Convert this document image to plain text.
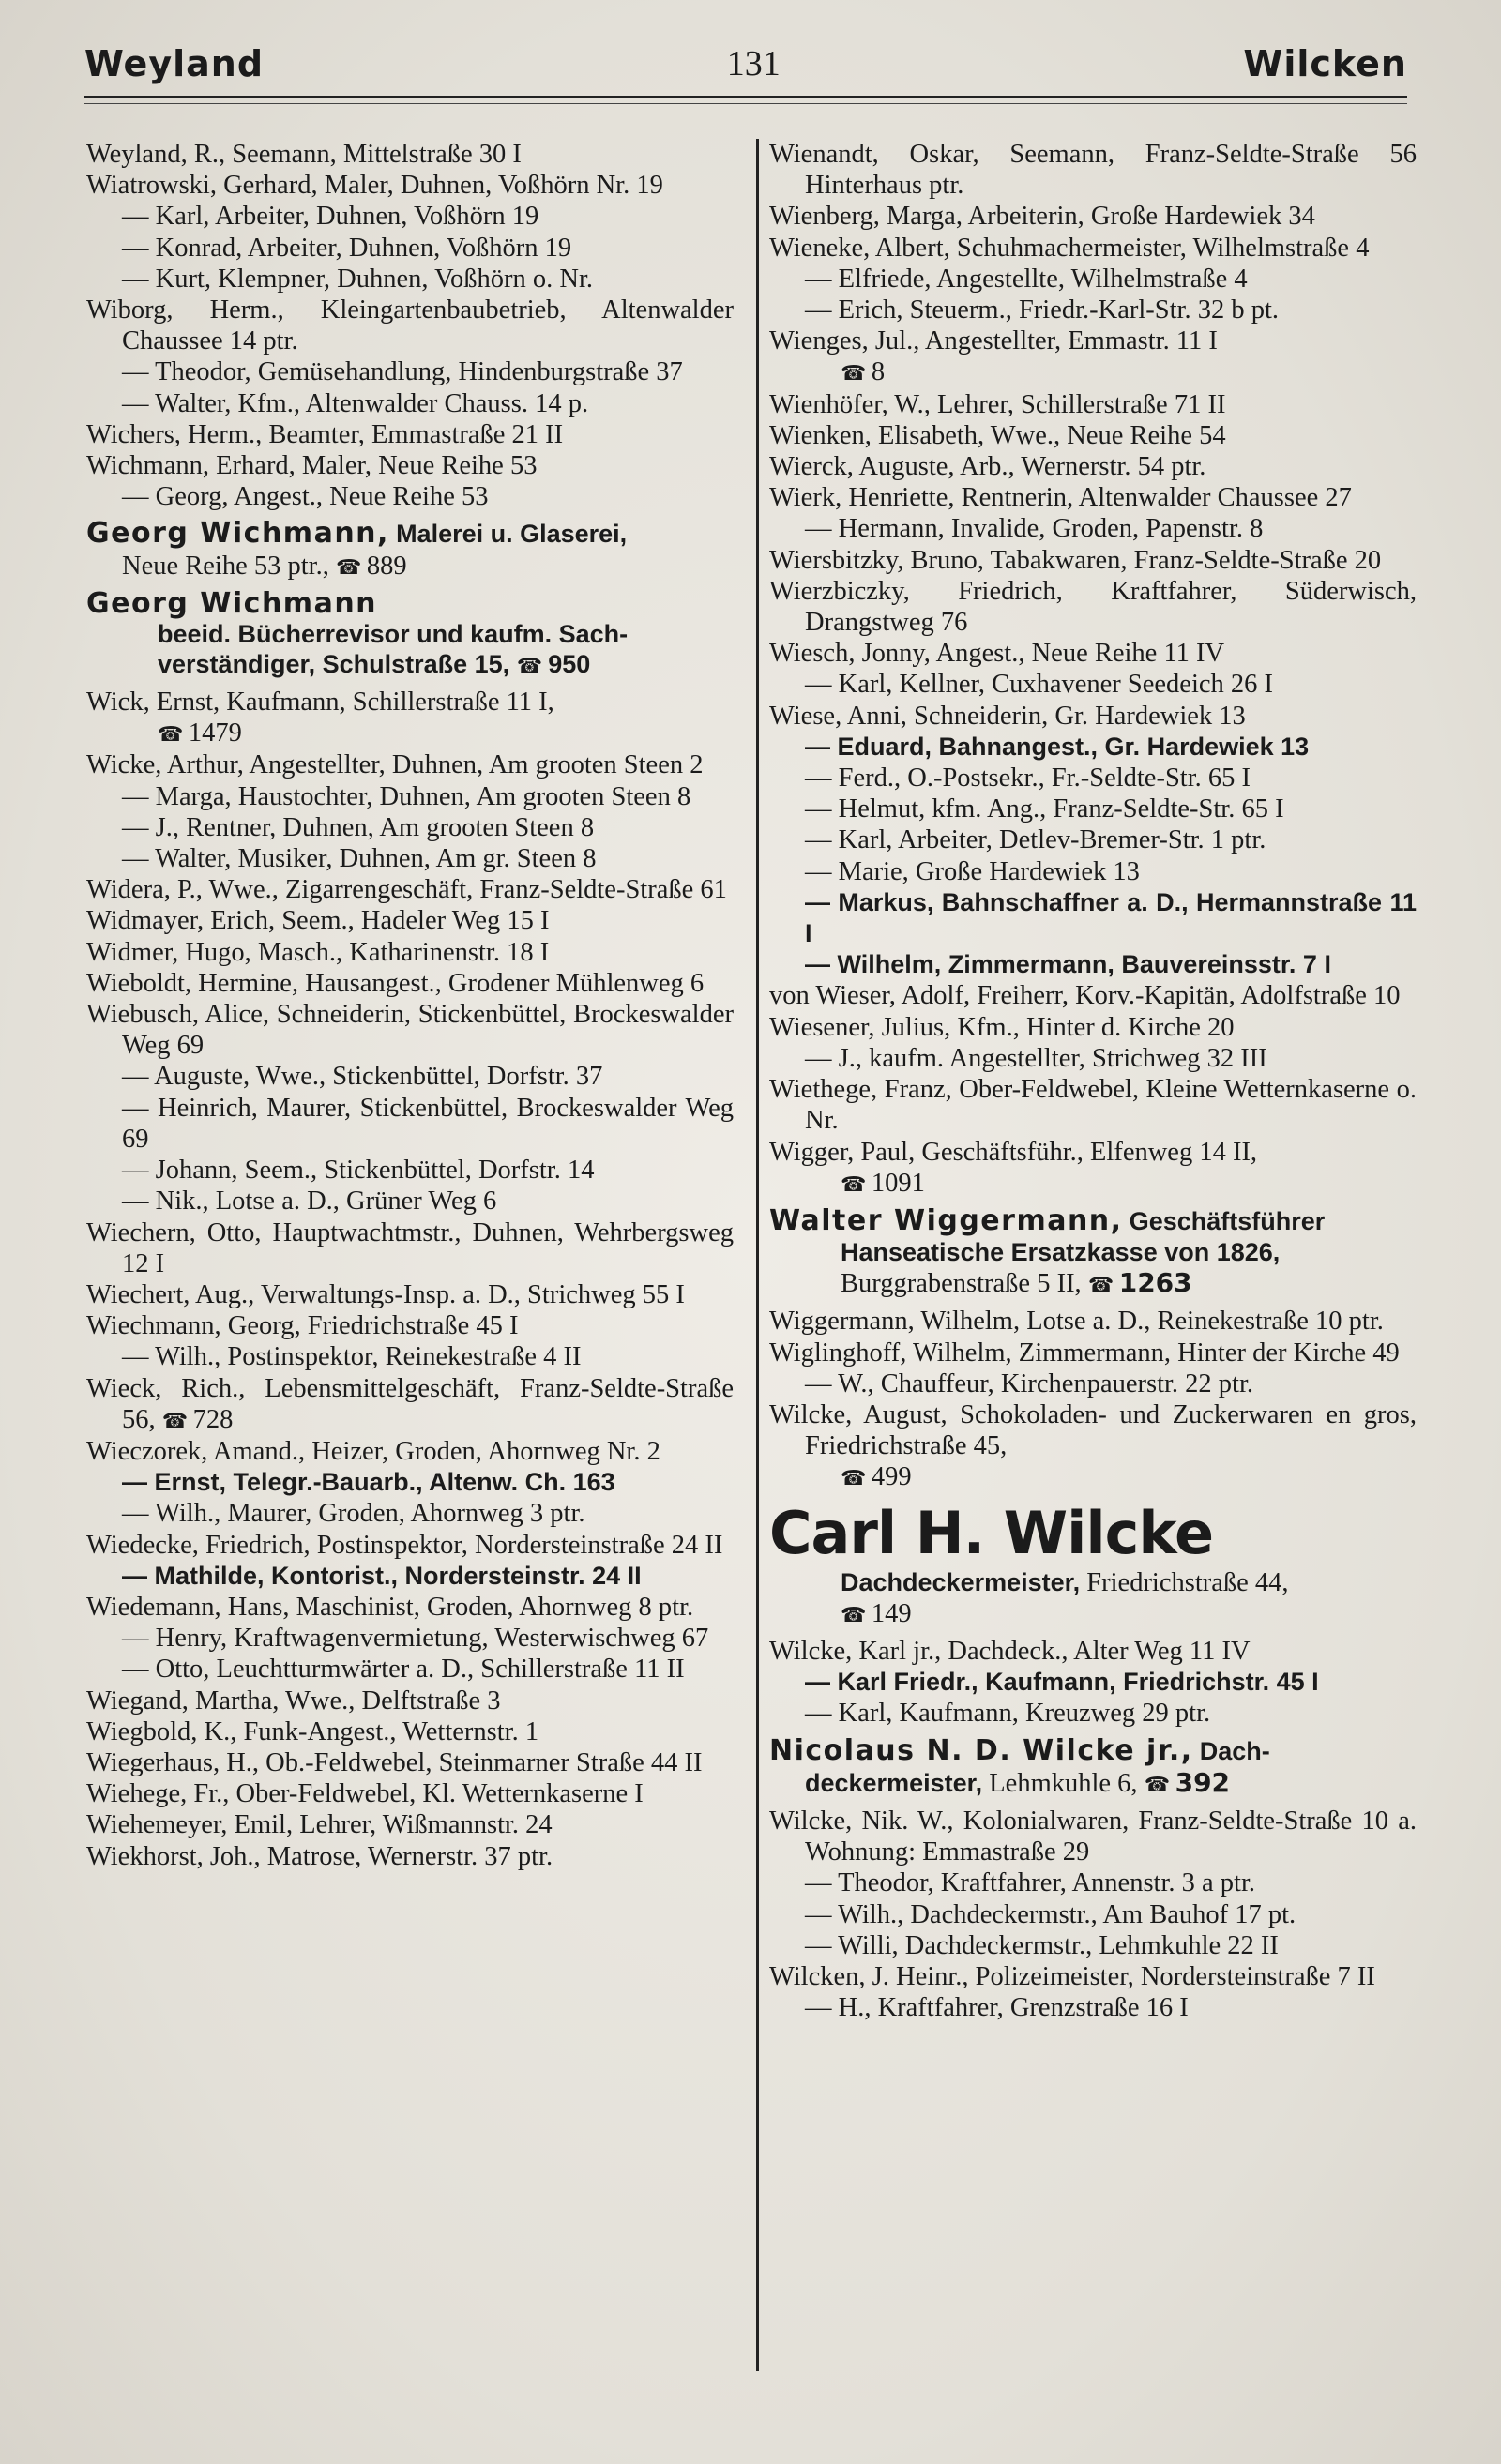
Weyland	131	Wilcken
Weyland, R., Seemann, Mittelstraße 30 I
Wiatrowski, Gerhard, Maler, Duhnen, Voßhörn Nr. 19
— Karl, Arbeiter, Duhnen, Voßhörn 19
— Konrad, Arbeiter, Duhnen, Voßhörn 19
— Kurt, Klempner, Duhnen, Voßhörn o. Nr.
Wiborg, Herm., Kleingartenbaubetrieb, Altenwalder Chaussee 14 ptr.
— Theodor, Gemüsehandlung, Hindenburgstraße 37
— Walter, Kfm., Altenwalder Chauss. 14 p.
Wichers, Herm., Beamter, Emmastraße 21 II
Wichmann, Erhard, Maler, Neue Reihe 53
— Georg, Angest., Neue Reihe 53
Georg Wichmann, Malerei u. Glaserei,
Neue Reihe 53 ptr., ☎ 889
Georg Wichmann
beeid. Bücherrevisor und kaufm. Sach-
verständiger, Schulstraße 15, ☎ 950
Wick, Ernst, Kaufmann, Schillerstraße 11 I,
☎ 1479
Wicke, Arthur, Angestellter, Duhnen, Am grooten Steen 2
— Marga, Haustochter, Duhnen, Am grooten Steen 8
— J., Rentner, Duhnen, Am grooten Steen 8
— Walter, Musiker, Duhnen, Am gr. Steen 8
Widera, P., Wwe., Zigarrengeschäft, Franz-Seldte-Straße 61
Widmayer, Erich, Seem., Hadeler Weg 15 I
Widmer, Hugo, Masch., Katharinenstr. 18 I
Wieboldt, Hermine, Hausangest., Grodener Mühlenweg 6
Wiebusch, Alice, Schneiderin, Stickenbüttel, Brockeswalder Weg 69
— Auguste, Wwe., Stickenbüttel, Dorfstr. 37
— Heinrich, Maurer, Stickenbüttel, Brockeswalder Weg 69
— Johann, Seem., Stickenbüttel, Dorfstr. 14
— Nik., Lotse a. D., Grüner Weg 6
Wiechern, Otto, Hauptwachtmstr., Duhnen, Wehrbergsweg 12 I
Wiechert, Aug., Verwaltungs-Insp. a. D., Strichweg 55 I
Wiechmann, Georg, Friedrichstraße 45 I
— Wilh., Postinspektor, Reinekestraße 4 II
Wieck, Rich., Lebensmittelgeschäft, Franz-Seldte-Straße 56, ☎ 728
Wieczorek, Amand., Heizer, Groden, Ahornweg Nr. 2
— Ernst, Telegr.-Bauarb., Altenw. Ch. 163
— Wilh., Maurer, Groden, Ahornweg 3 ptr.
Wiedecke, Friedrich, Postinspektor, Nordersteinstraße 24 II
— Mathilde, Kontorist., Nordersteinstr. 24 II
Wiedemann, Hans, Maschinist, Groden, Ahornweg 8 ptr.
— Henry, Kraftwagenvermietung, Westerwischweg 67
— Otto, Leuchtturmwärter a. D., Schillerstraße 11 II
Wiegand, Martha, Wwe., Delftstraße 3
Wiegbold, K., Funk-Angest., Wetternstr. 1
Wiegerhaus, H., Ob.-Feldwebel, Steinmarner Straße 44 II
Wiehege, Fr., Ober-Feldwebel, Kl. Wetternkaserne I
Wiehemeyer, Emil, Lehrer, Wißmannstr. 24
Wiekhorst, Joh., Matrose, Wernerstr. 37 ptr.
Wienandt, Oskar, Seemann, Franz-Seldte-Straße 56 Hinterhaus ptr.
Wienberg, Marga, Arbeiterin, Große Hardewiek 34
Wieneke, Albert, Schuhmachermeister, Wilhelmstraße 4
— Elfriede, Angestellte, Wilhelmstraße 4
— Erich, Steuerm., Friedr.-Karl-Str. 32 b pt.
Wienges, Jul., Angestellter, Emmastr. 11 I
☎ 8
Wienhöfer, W., Lehrer, Schillerstraße 71 II
Wienken, Elisabeth, Wwe., Neue Reihe 54
Wierck, Auguste, Arb., Wernerstr. 54 ptr.
Wierk, Henriette, Rentnerin, Altenwalder Chaussee 27
— Hermann, Invalide, Groden, Papenstr. 8
Wiersbitzky, Bruno, Tabakwaren, Franz-Seldte-Straße 20
Wierzbiczky, Friedrich, Kraftfahrer, Süderwisch, Drangstweg 76
Wiesch, Jonny, Angest., Neue Reihe 11 IV
— Karl, Kellner, Cuxhavener Seedeich 26 I
Wiese, Anni, Schneiderin, Gr. Hardewiek 13
— Eduard, Bahnangest., Gr. Hardewiek 13
— Ferd., O.-Postsekr., Fr.-Seldte-Str. 65 I
— Helmut, kfm. Ang., Franz-Seldte-Str. 65 I
— Karl, Arbeiter, Detlev-Bremer-Str. 1 ptr.
— Marie, Große Hardewiek 13
— Markus, Bahnschaffner a. D., Hermannstraße 11 I
— Wilhelm, Zimmermann, Bauvereinsstr. 7 I
von Wieser, Adolf, Freiherr, Korv.-Kapitän, Adolfstraße 10
Wiesener, Julius, Kfm., Hinter d. Kirche 20
— J., kaufm. Angestellter, Strichweg 32 III
Wiethege, Franz, Ober-Feldwebel, Kleine Wetternkaserne o. Nr.
Wigger, Paul, Geschäftsführ., Elfenweg 14 II,
☎ 1091
Walter Wiggermann, Geschäftsführer
Hanseatische Ersatzkasse von 1826,
Burggrabenstraße 5 II, ☎ 1263
Wiggermann, Wilhelm, Lotse a. D., Reinekestraße 10 ptr.
Wiglinghoff, Wilhelm, Zimmermann, Hinter der Kirche 49
— W., Chauffeur, Kirchenpauerstr. 22 ptr.
Wilcke, August, Schokoladen- und Zuckerwaren en gros, Friedrichstraße 45,
☎ 499
Carl H. Wilcke
Dachdeckermeister, Friedrichstraße 44,
☎ 149
Wilcke, Karl jr., Dachdeck., Alter Weg 11 IV
— Karl Friedr., Kaufmann, Friedrichstr. 45 I
— Karl, Kaufmann, Kreuzweg 29 ptr.
Nicolaus N. D. Wilcke jr., Dach-
deckermeister, Lehmkuhle 6, ☎ 392
Wilcke, Nik. W., Kolonialwaren, Franz-Seldte-Straße 10 a. Wohnung: Emmastraße 29
— Theodor, Kraftfahrer, Annenstr. 3 a ptr.
— Wilh., Dachdeckermstr., Am Bauhof 17 pt.
— Willi, Dachdeckermstr., Lehmkuhle 22 II
Wilcken, J. Heinr., Polizeimeister, Nordersteinstraße 7 II
— H., Kraftfahrer, Grenzstraße 16 I
